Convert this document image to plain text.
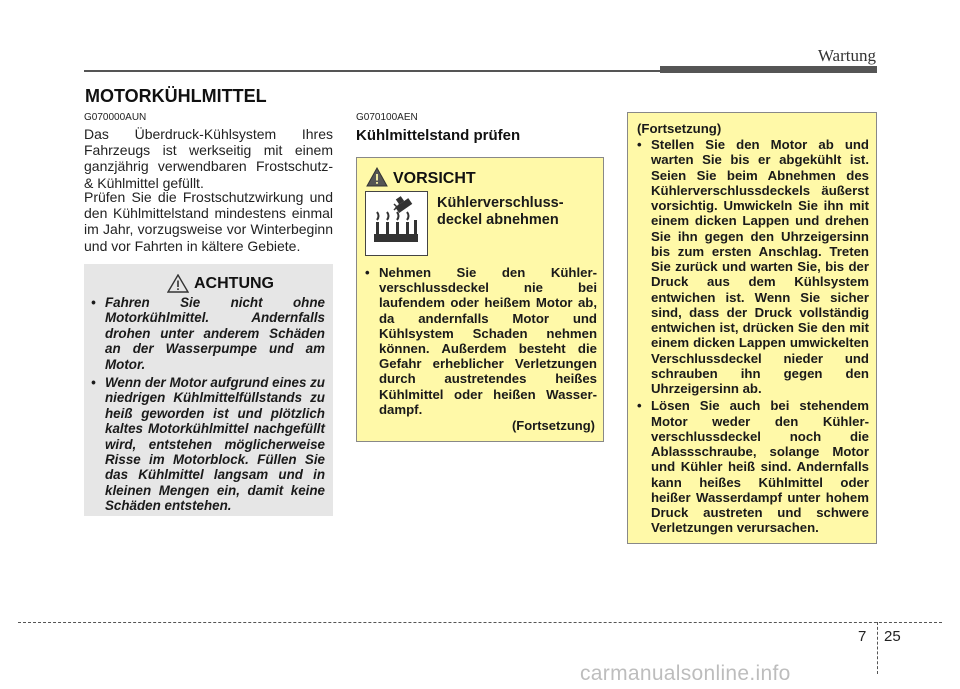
Wartung
MOTORKÜHLMITTEL
G070000AUN
Das Überdruck-Kühlsystem Ihres Fahrzeugs ist werkseitig mit einem ganzjährig verwendbaren Frostschutz- & Kühlmittel gefüllt.
Prüfen Sie die Frostschutzwirkung und den Kühlmittelstand mindestens einmal im Jahr, vorzugsweise vor Winterbeginn und vor Fahrten in kältere Gebiete.
ACHTUNG
• Fahren Sie nicht ohne Motorkühlmittel. Andernfalls drohen unter anderem Schäden an der Wasserpumpe und am Motor.
• Wenn der Motor aufgrund eines zu niedrigen Kühlmittelfüllstands zu heiß geworden ist und plötzlich kaltes Motorkühlmittel nachgefüllt wird, entstehen möglicherweise Risse im Motorblock. Füllen Sie das Kühlmittel langsam und in kleinen Mengen ein, damit keine Schäden entstehen.
G070100AEN
Kühlmittelstand prüfen
VORSICHT
Kühlerverschluss-
deckel abnehmen
• Nehmen Sie den Kühler-verschlussdeckel nie bei laufendem oder heißem Motor ab, da andernfalls Motor und Kühlsystem Schaden nehmen können. Außerdem besteht die Gefahr erheblicher Verletzungen durch austretendes heißes Kühlmittel oder heißen Wasser-dampf.
(Fortsetzung)
(Fortsetzung)
• Stellen Sie den Motor ab und warten Sie bis er abgekühlt ist. Seien Sie beim Abnehmen des Kühlerverschlussdeckels äußerst vorsichtig. Umwickeln Sie ihn mit einem dicken Lappen und drehen Sie ihn gegen den Uhrzeigersinn bis zum ersten Anschlag. Treten Sie zurück und warten Sie, bis der Druck aus dem Kühlsystem entwichen ist. Wenn Sie sicher sind, dass der Druck vollständig entwichen ist, drücken Sie den mit einem dicken Lappen umwickelten Verschlussdeckel nieder und schrauben ihn gegen den Uhrzeigersinn ab.
• Lösen Sie auch bei stehendem Motor weder den Kühler-verschlussdeckel noch die Ablassschraube, solange Motor und Kühler heiß sind. Andernfalls kann heißes Kühlmittel oder heißer Wasserdampf unter hohem Druck austreten und schwere Verletzungen verursachen.
7 25
carmanualsonline.info
